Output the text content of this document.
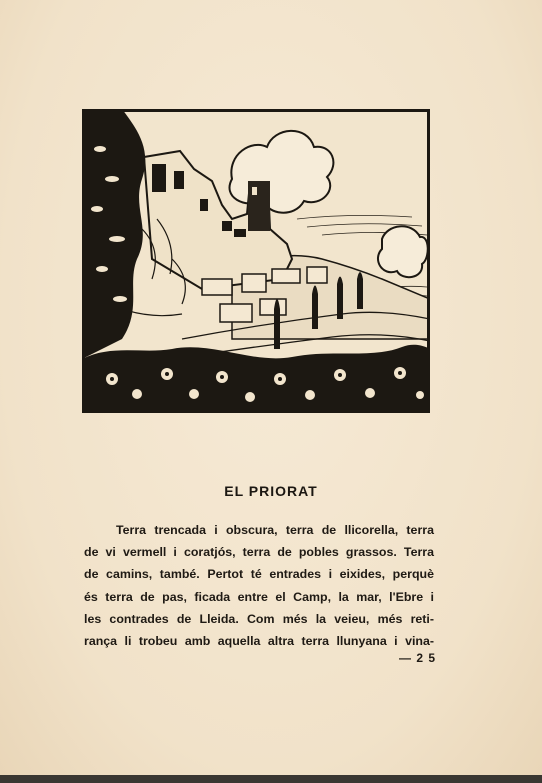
EL PRIORAT
Terra trencada i obscura, terra de llicorella, terra
de vi vermell i coratjós, terra de pobles grassos. Terra
de camins, també. Pertot té entrades i eixides, perquè
és terra de pas, ficada entre el Camp, la mar, l'Ebre i
les contrades de Lleida. Com més la veieu, més reti-
rança li trobeu amb aquella altra terra llunyana i vina-
— 2 5
